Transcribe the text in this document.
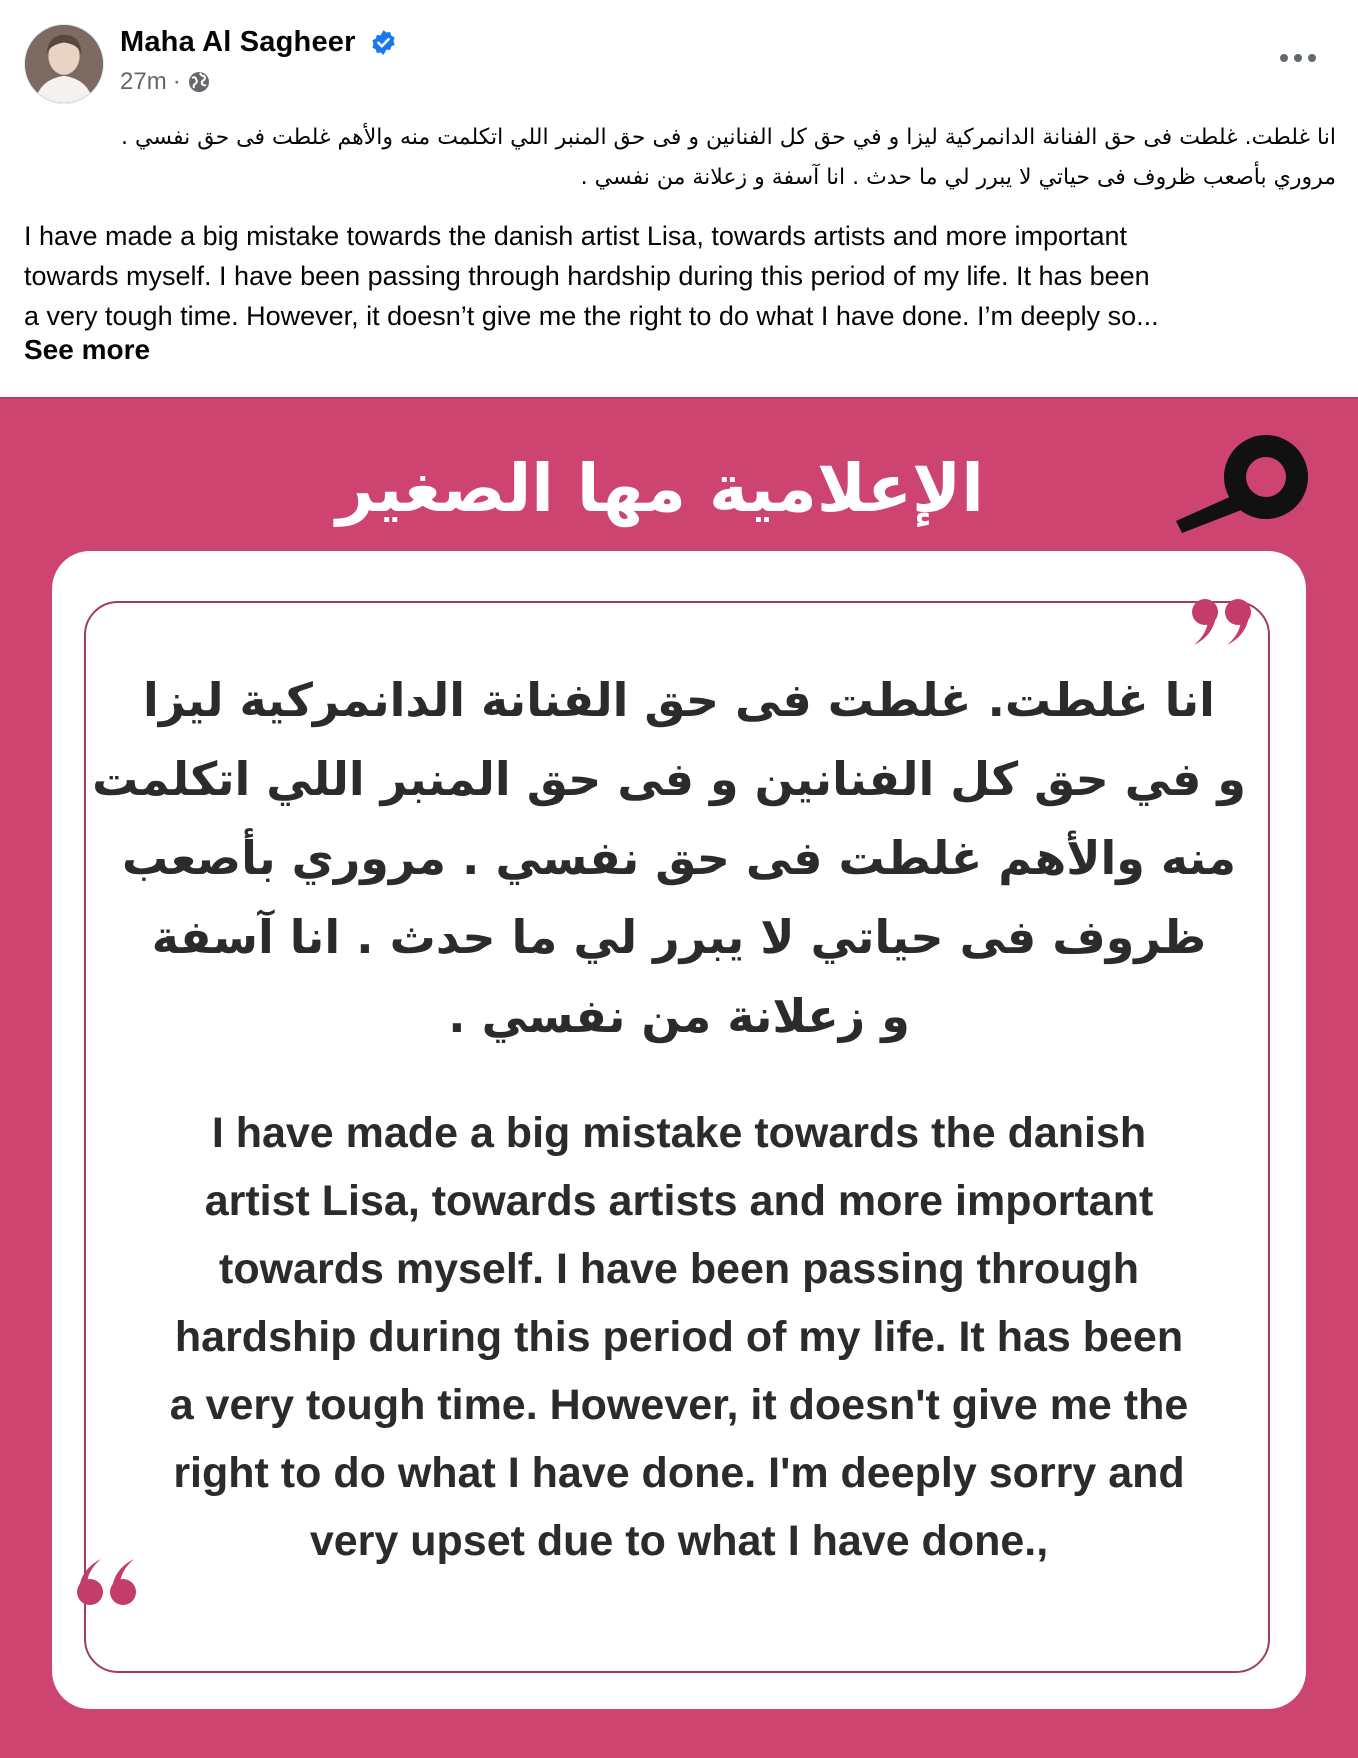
Maha Al Sagheer
27m ·

انا غلطت. غلطت فى حق الفنانة الدانمركية ليزا و في حق كل الفنانين و فى حق المنبر اللي اتكلمت منه والأهم غلطت فى حق نفسي .

مروري بأصعب ظروف فى حياتي لا يبرر لي ما حدث . انا آسفة و زعلانة من نفسي .

I have made a big mistake towards the danish artist Lisa, towards artists and more important

towards myself. I have been passing through hardship during this period of my life. It has been

a very tough time. However, it doesn’t give me the right to do what I have done. I’m deeply so...

See more
الإعلامية مها الصغير

انا غلطت. غلطت فى حق الفنانة الدانمركية ليزا

و في حق كل الفنانين و فى حق المنبر اللي اتكلمت

منه والأهم غلطت فى حق نفسي . مروري بأصعب

ظروف فى حياتي لا يبرر لي ما حدث . انا آسفة

و زعلانة من نفسي .

I have made a big mistake towards the danish

artist Lisa, towards artists and more important

towards myself. I have been passing through

hardship during this period of my life. It has been

a very tough time. However, it doesn't give me the

right to do what I have done. I'm deeply sorry and

very upset due to what I have done.,
